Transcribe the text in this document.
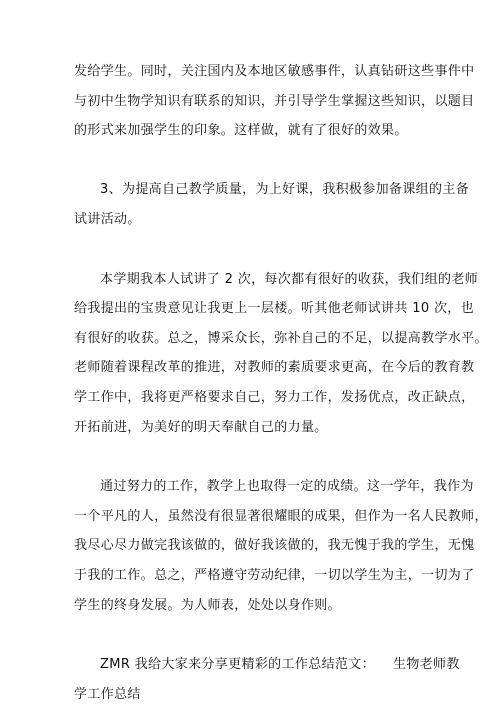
发给学生。同时，关注国内及本地区敏感事件，认真钻研这些事件中
与初中生物学知识有联系的知识，并引导学生掌握这些知识，以题目
的形式来加强学生的印象。这样做，就有了很好的效果。
3、为提高自己教学质量，为上好课，我积极参加备课组的主备
试讲活动。
本学期我本人试讲了 2 次，每次都有很好的收获，我们组的老师
给我提出的宝贵意见让我更上一层楼。听其他老师试讲共 10 次，也
有很好的收获。总之，博采众长，弥补自己的不足，以提高教学水平。
老师随着课程改革的推进，对教师的素质要求更高，在今后的教育教
学工作中，我将更严格要求自己，努力工作，发扬优点，改正缺点，
开拓前进，为美好的明天奉献自己的力量。
通过努力的工作，教学上也取得一定的成绩。这一学年，我作为
一个平凡的人，虽然没有很显著很耀眼的成果，但作为一名人民教师，
我尽心尽力做完我该做的，做好我该做的，我无愧于我的学生，无愧
于我的工作。总之，严格遵守劳动纪律，一切以学生为主，一切为了
学生的终身发展。为人师表，处处以身作则。
ZMR 我给大家来分享更精彩的工作总结范文： 生物老师教
学工作总结
